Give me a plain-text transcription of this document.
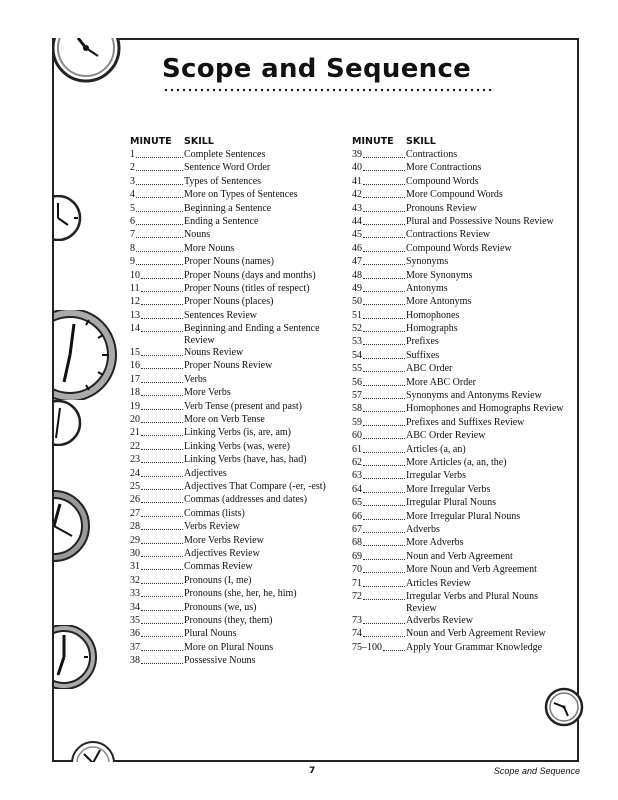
Scope and Sequence
MINUTE	SKILL
1	Complete Sentences
2	Sentence Word Order
3	Types of Sentences
4	More on Types of Sentences
5	Beginning a Sentence
6	Ending a Sentence
7	Nouns
8	More Nouns
9	Proper Nouns (names)
10	Proper Nouns (days and months)
11	Proper Nouns (titles of respect)
12	Proper Nouns (places)
13	Sentences Review
14	Beginning and Ending a Sentence Review
15	Nouns Review
16	Proper Nouns Review
17	Verbs
18	More Verbs
19	Verb Tense (present and past)
20	More on Verb Tense
21	Linking Verbs (is, are, am)
22	Linking Verbs (was, were)
23	Linking Verbs (have, has, had)
24	Adjectives
25	Adjectives That Compare (-er, -est)
26	Commas (addresses and dates)
27	Commas (lists)
28	Verbs Review
29	More Verbs Review
30	Adjectives Review
31	Commas Review
32	Pronouns (I, me)
33	Pronouns (she, her, he, him)
34	Pronouns (we, us)
35	Pronouns (they, them)
36	Plural Nouns
37	More on Plural Nouns
38	Possessive Nouns
MINUTE	SKILL
39	Contractions
40	More Contractions
41	Compound Words
42	More Compound Words
43	Pronouns Review
44	Plural and Possessive Nouns Review
45	Contractions Review
46	Compound Words Review
47	Synonyms
48	More Synonyms
49	Antonyms
50	More Antonyms
51	Homophones
52	Homographs
53	Prefixes
54	Suffixes
55	ABC Order
56	More ABC Order
57	Synonyms and Antonyms Review
58	Homophones and Homographs Review
59	Prefixes and Suffixes Review
60	ABC Order Review
61	Articles (a, an)
62	More Articles (a, an, the)
63	Irregular Verbs
64	More Irregular Verbs
65	Irregular Plural Nouns
66	More Irregular Plural Nouns
67	Adverbs
68	More Adverbs
69	Noun and Verb Agreement
70	More Noun and Verb Agreement
71	Articles Review
72	Irregular Verbs and Plural Nouns Review
73	Adverbs Review
74	Noun and Verb Agreement Review
75–100 Apply Your Grammar Knowledge
7	Scope and Sequence
